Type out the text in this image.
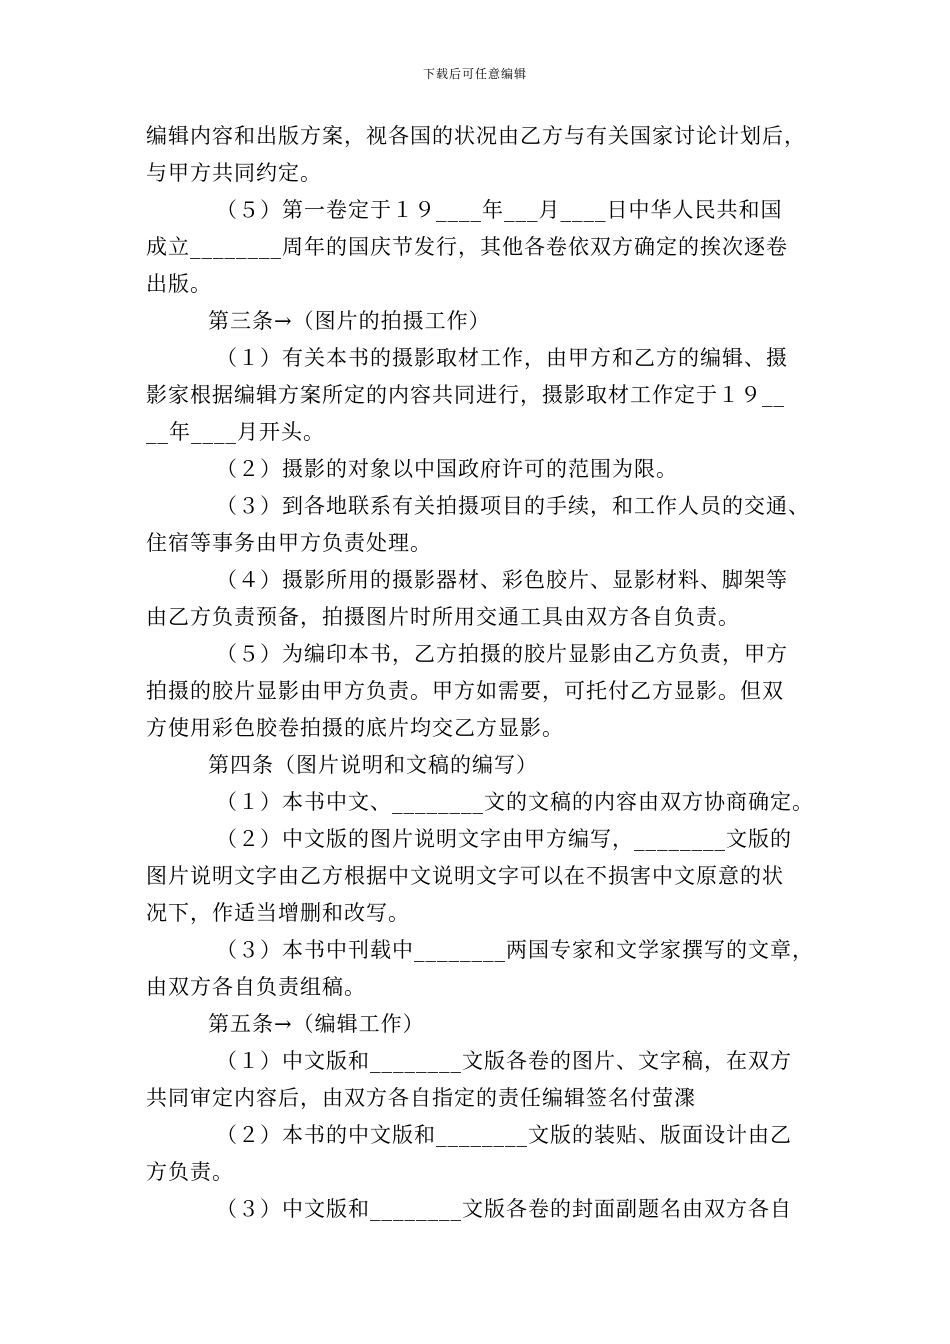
下载后可任意编辑
编辑内容和出版方案，视各国的状况由乙方与有关国家讨论计划后，
与甲方共同约定。
（５）第一卷定于１９____年___月____日中华人民共和国
成立________周年的国庆节发行，其他各卷依双方确定的挨次逐卷
出版。
第三条→（图片的拍摄工作）
（１）有关本书的摄影取材工作，由甲方和乙方的编辑、摄
影家根据编辑方案所定的内容共同进行，摄影取材工作定于１９__
__年____月开头。
（２）摄影的对象以中国政府许可的范围为限。
（３）到各地联系有关拍摄项目的手续，和工作人员的交通、
住宿等事务由甲方负责处理。
（４）摄影所用的摄影器材、彩色胶片、显影材料、脚架等
由乙方负责预备，拍摄图片时所用交通工具由双方各自负责。
（５）为编印本书，乙方拍摄的胶片显影由乙方负责，甲方
拍摄的胶片显影由甲方负责。甲方如需要，可托付乙方显影。但双
方使用彩色胶卷拍摄的底片均交乙方显影。
第四条（图片说明和文稿的编写）
（１）本书中文、________文的文稿的内容由双方协商确定。
（２）中文版的图片说明文字由甲方编写，________文版的
图片说明文字由乙方根据中文说明文字可以在不损害中文原意的状
况下，作适当增删和改写。
（３）本书中刊载中________两国专家和文学家撰写的文章，
由双方各自负责组稿。
第五条→（编辑工作）
（１）中文版和________文版各卷的图片、文字稿，在双方
共同审定内容后，由双方各自指定的责任编辑签名付萤㵵
（２）本书的中文版和________文版的装贴、版面设计由乙
方负责。
（３）中文版和________文版各卷的封面副题名由双方各自
